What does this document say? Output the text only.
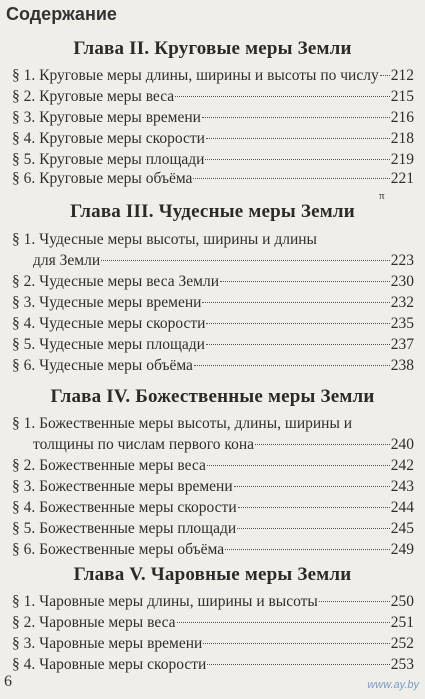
Содержание
Глава II. Круговые меры Земли
§ 1. Круговые меры длины, ширины и высоты по числу 212
§ 2. Круговые меры веса	215
§ 3. Круговые меры времени	216
§ 4. Круговые меры скорости	218
§ 5. Круговые меры площади	219
§ 6. Круговые меры объёма	221
Глава III. Чудесные меры Земли
π
§ 1. Чудесные меры высоты, ширины и длины
для Земли	223
§ 2. Чудесные меры веса Земли	230
§ 3. Чудесные меры времени	232
§ 4. Чудесные меры скорости	235
§ 5. Чудесные меры площади	237
§ 6. Чудесные меры объёма	238
Глава IV. Божественные меры Земли
§ 1. Божественные меры высоты, длины, ширины и
толщины по числам первого кона	240
§ 2. Божественные меры веса	242
§ 3. Божественные меры времени	243
§ 4. Божественные меры скорости	244
§ 5. Божественные меры площади	245
§ 6. Божественные меры объёма	249
Глава V. Чаровные меры Земли
§ 1. Чаровные меры длины, ширины и высоты	250
§ 2. Чаровные меры веса	251
§ 3. Чаровные меры времени	252
§ 4. Чаровные меры скорости	253
6	www.ay.by
